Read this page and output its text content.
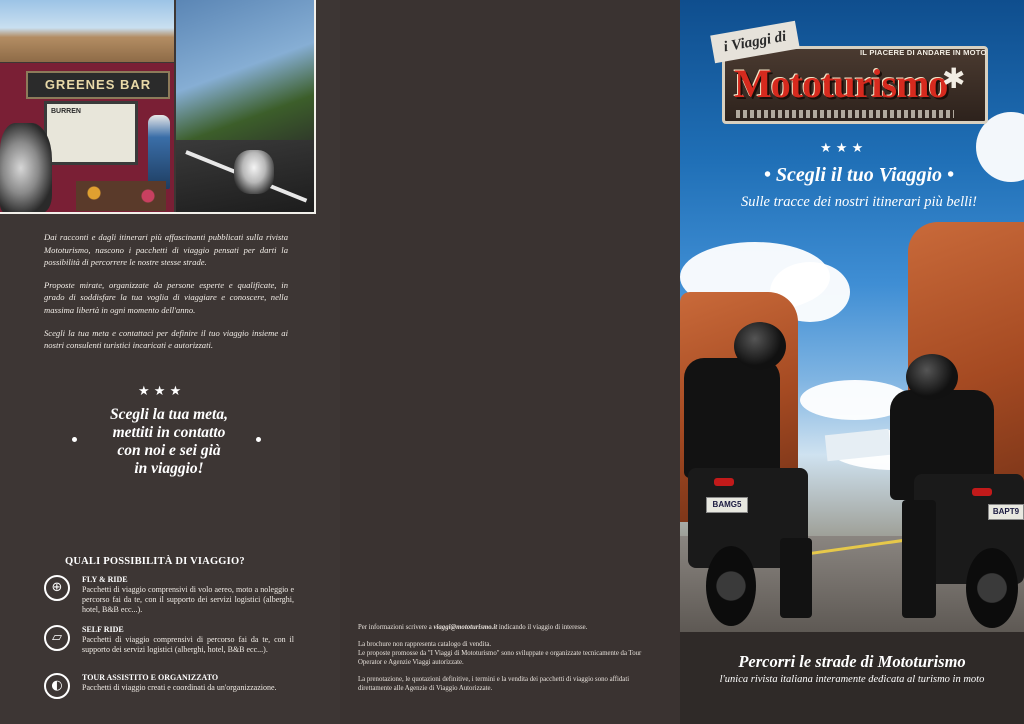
GREENES BAR
BURREN

Dai racconti e dagli itinerari più affascinanti pubblicati sulla rivista Mototurismo, nascono i pacchetti di viaggio pensati per darti la possibilità di percorrere le nostre stesse strade.

Proposte mirate, organizzate da persone esperte e qualificate, in grado di soddisfare la tua voglia di viaggiare e conoscere, nella massima libertà in ogni momento dell'anno.

Scegli la tua meta e contattaci per definire il tuo viaggio insieme ai nostri consulenti turistici incaricati e autorizzati.

★ ★ ★
Scegli la tua meta,
mettiti in contatto
con noi e sei già
in viaggio!
QUALI POSSIBILITÀ DI VIAGGIO?
⊕
FLY & RIDE
Pacchetti di viaggio comprensivi di volo aereo, moto a noleggio e percorso fai da te, con il supporto dei servizi logistici (alberghi, hotel, B&B ecc...).
▱
SELF RIDE
Pacchetti di viaggio comprensivi di percorso fai da te, con il supporto dei servizi logistici (alberghi, hotel, B&B ecc...).
◐
TOUR ASSISTITO E ORGANIZZATO
Pacchetti di viaggio creati e coordinati da un'organizzazione.

Per informazioni scrivere a viaggi@mototurismo.it indicando il viaggio di interesse.

La brochure non rappresenta catalogo di vendita.

Le proposte promosse da "I Viaggi di Mototurismo" sono sviluppate e organizzate tecnicamente da Tour Operator e Agenzie Viaggi autorizzate.

La prenotazione, le quotazioni definitive, i termini e la vendita dei pacchetti di viaggio sono affidati direttamente alle Agenzie di Viaggio Autorizzate.

BAMG5
BAPT9
i Viaggi di	IL PIACERE DI ANDARE IN MOTO
Mototurismo
✱
★ ★ ★
• Scegli il tuo Viaggio •
Sulle tracce dei nostri itinerari più belli!
Percorri le strade di Mototurismo
l'unica rivista italiana interamente dedicata al turismo in moto
